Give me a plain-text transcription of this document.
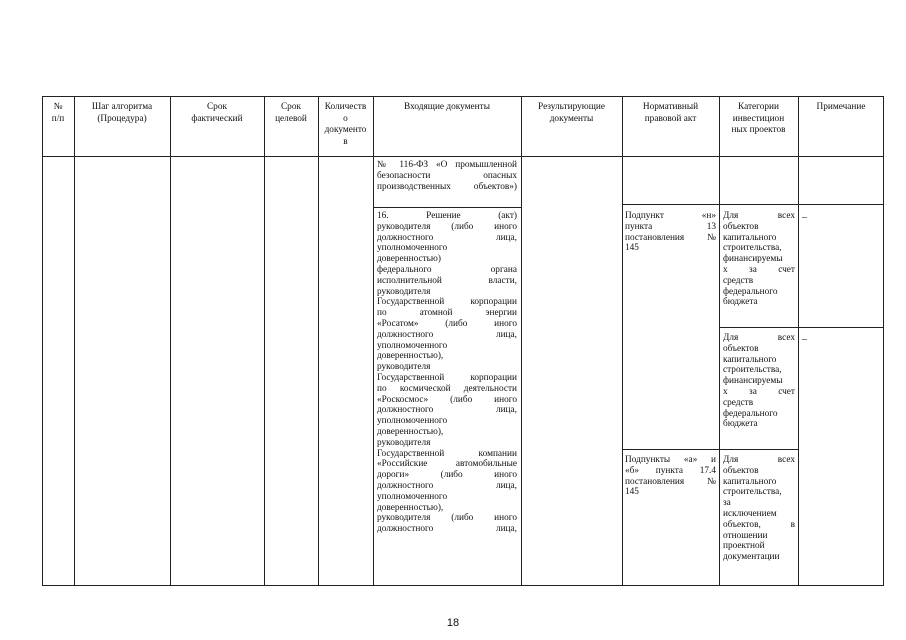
№
п/п
Шаг алгоритма
(Процедура)
Срок
фактический
Срок
целевой
Количеств
о
документо
в
Входящие документы	Результирующие
документы
Нормативный
правовой акт
Категории
инвестицион
ных проектов
Примечание
№ 116-ФЗ «О промышленной
безопасности опасных
производственных объектов»)
16. Решение (акт)
руководителя (либо иного
должностного лица,
уполномоченного
доверенностью)
федерального органа
исполнительной власти,
руководителя
Государственной корпорации
по атомной энергии
«Росатом» (либо иного
должностного лица,
уполномоченного
доверенностью),
руководителя
Государственной корпорации
по космической деятельности
«Роскосмос» (либо иного
должностного лица,
уполномоченного
доверенностью),
руководителя
Государственной компании
«Российские автомобильные
дороги» (либо иного
должностного лица,
уполномоченного
доверенностью),
руководителя (либо иного
должностного лица,
Подпункт «н»
пункта 13
постановления №
145
Подпункты «а» и
«б» пункта 17.4
постановления №
145
Для всех
объектов
капитального
строительства,
финансируемы
х за счет
средств
федерального
бюджета
Для всех
объектов
капитального
строительства,
финансируемы
х за счет
средств
федерального
бюджета
Для всех
объектов
капитального
строительства,
за
исключением
объектов, в
отношении
проектной
документации
–
–
18
